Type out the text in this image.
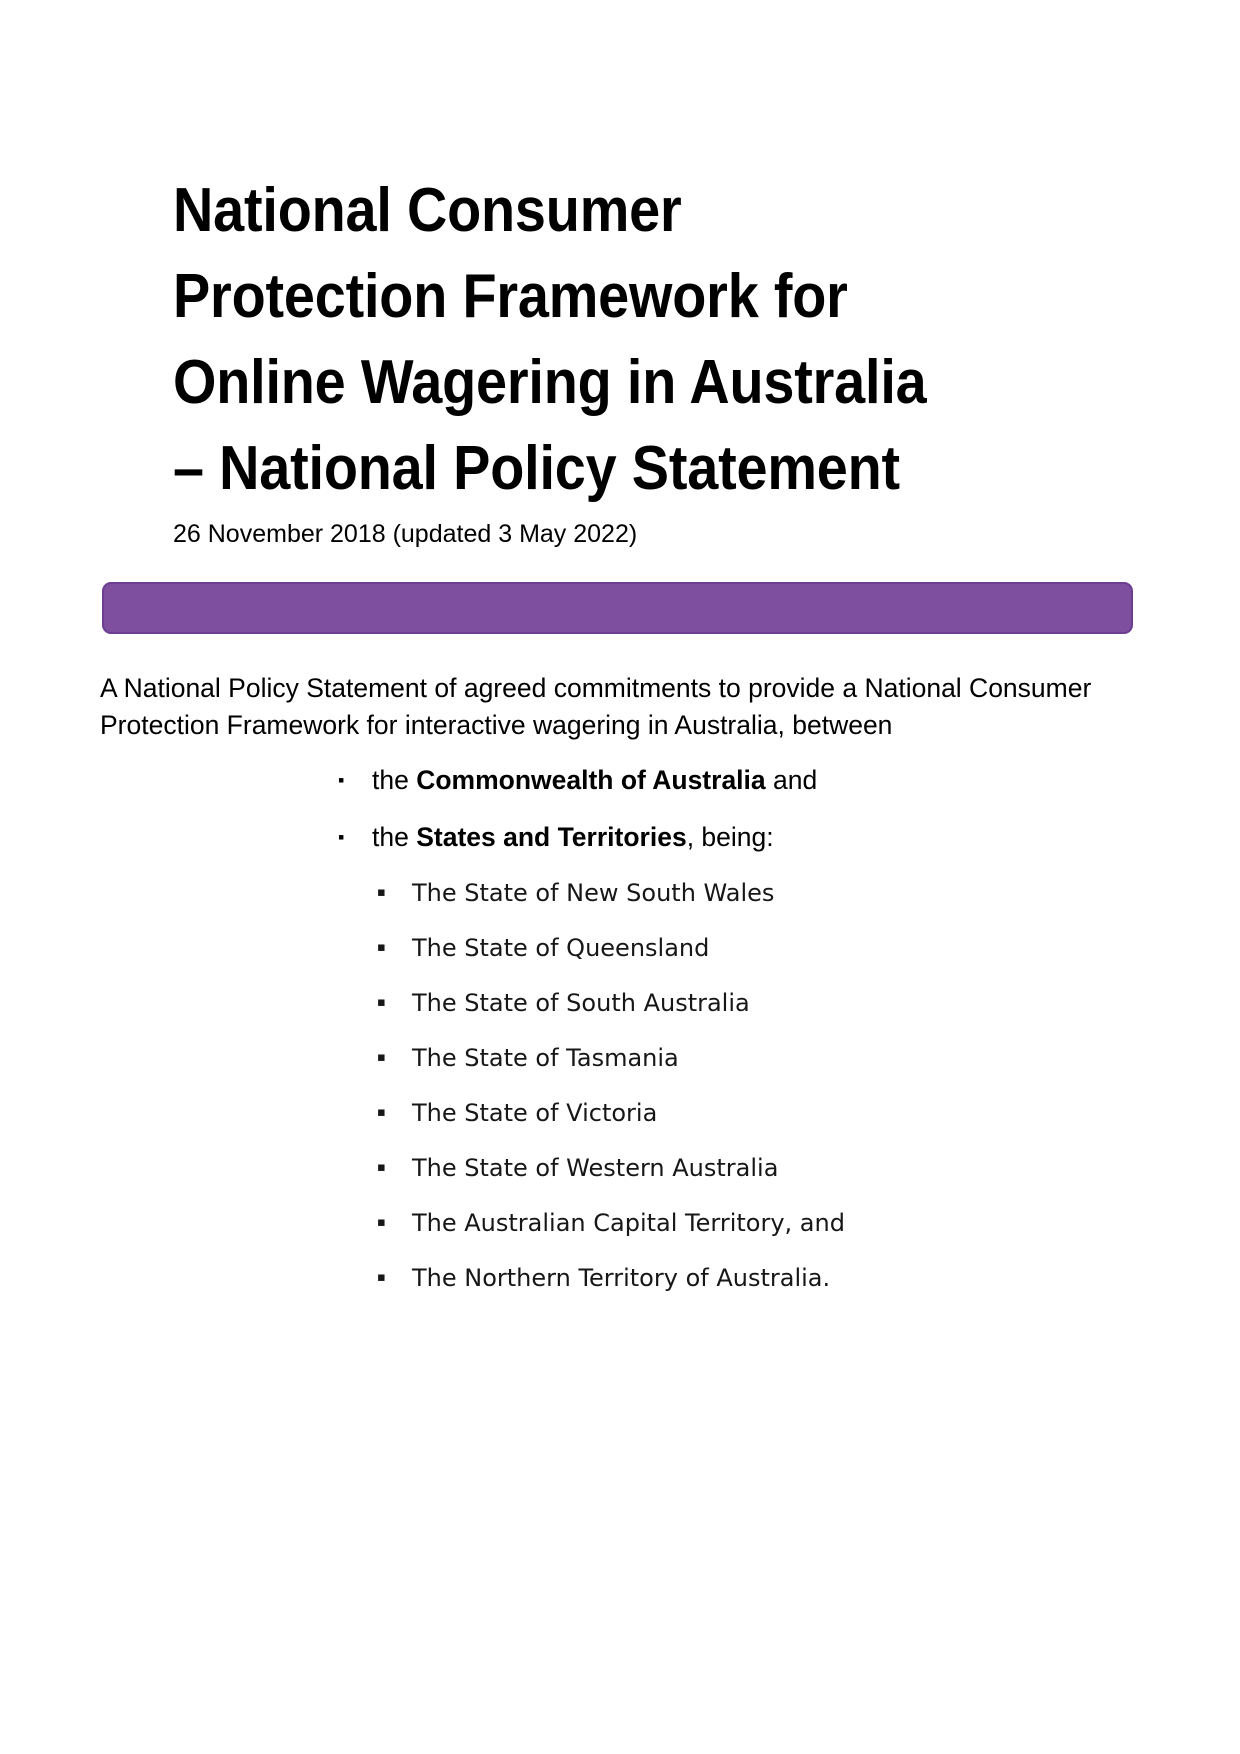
National Consumer
Protection Framework for
Online Wagering in Australia
– National Policy Statement

26 November 2018 (updated 3 May 2022)

A National Policy Statement of agreed commitments to provide a National Consumer Protection Framework for interactive wagering in Australia, between

▪ the Commonwealth of Australia and
▪ the States and Territories, being:
▪ The State of New South Wales
▪ The State of Queensland
▪ The State of South Australia
▪ The State of Tasmania
▪ The State of Victoria
▪ The State of Western Australia
▪ The Australian Capital Territory, and
▪ The Northern Territory of Australia.
